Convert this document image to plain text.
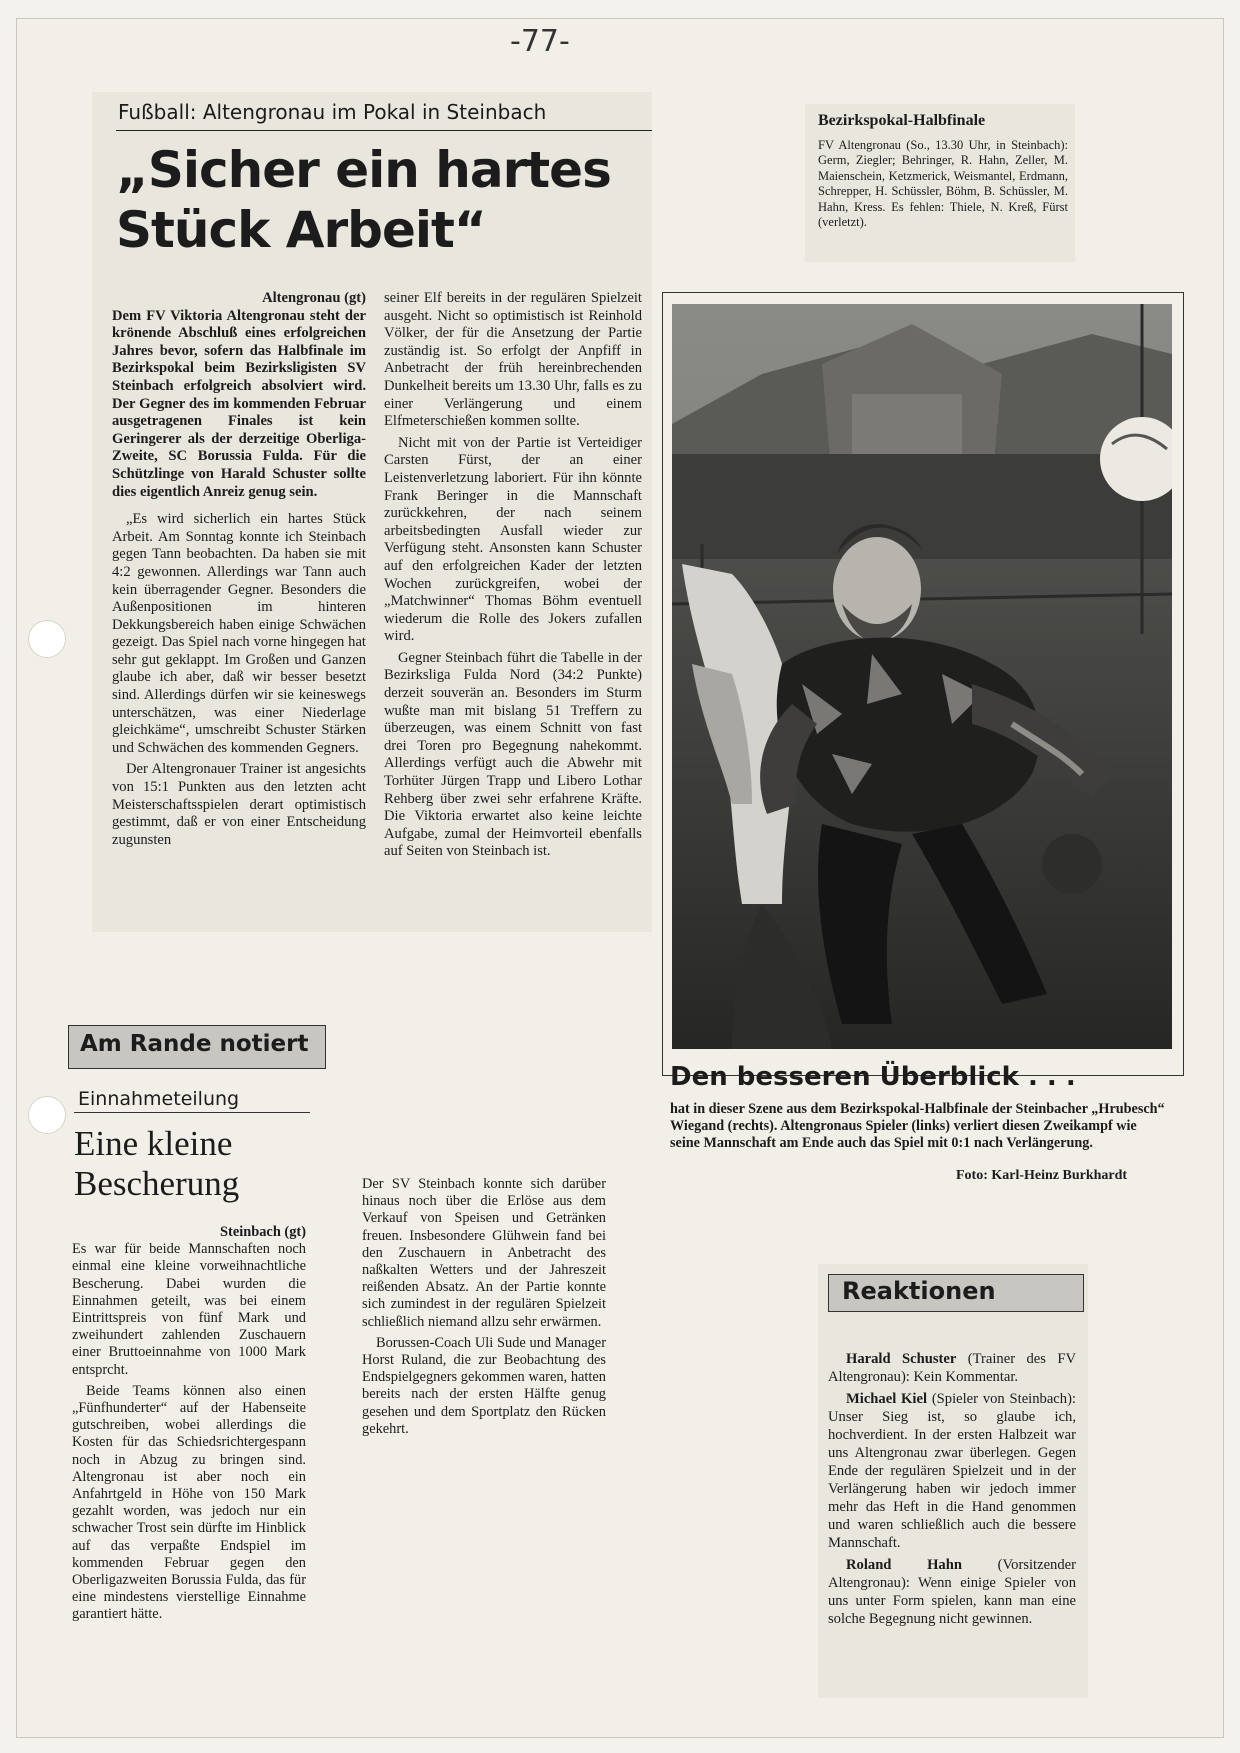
-77-
Fußball: Altengronau im Pokal in Steinbach
„Sicher ein hartes
Stück Arbeit“
Altengronau (gt)

Dem FV Viktoria Altengronau steht der krönende Abschluß eines erfolgreichen Jahres bevor, sofern das Halbfinale im Bezirkspokal beim Bezirksligisten SV Steinbach erfolgreich absolviert wird. Der Gegner des im kommenden Februar ausgetragenen Finales ist kein Geringerer als der derzeitige Oberliga-Zweite, SC Borussia Fulda. Für die Schützlinge von Harald Schuster sollte dies eigentlich Anreiz genug sein.

„Es wird sicherlich ein hartes Stück Arbeit. Am Sonntag konnte ich Steinbach gegen Tann beobachten. Da haben sie mit 4:2 gewonnen. Allerdings war Tann auch kein überragender Gegner. Besonders die Außenpositionen im hinteren Dekkungsbereich haben einige Schwächen gezeigt. Das Spiel nach vorne hingegen hat sehr gut geklappt. Im Großen und Ganzen glaube ich aber, daß wir besser besetzt sind. Allerdings dürfen wir sie keineswegs unterschätzen, was einer Niederlage gleichkäme“, umschreibt Schuster Stärken und Schwächen des kommenden Gegners.

Der Altengronauer Trainer ist angesichts von 15:1 Punkten aus den letzten acht Meisterschaftsspielen derart optimistisch gestimmt, daß er von einer Entscheidung zugunsten

seiner Elf bereits in der regulären Spielzeit ausgeht. Nicht so optimistisch ist Reinhold Völker, der für die Ansetzung der Partie zuständig ist. So erfolgt der Anpfiff in Anbetracht der früh hereinbrechenden Dunkelheit bereits um 13.30 Uhr, falls es zu einer Verlängerung und einem Elfmeterschießen kommen sollte.

Nicht mit von der Partie ist Verteidiger Carsten Fürst, der an einer Leistenverletzung laboriert. Für ihn könnte Frank Beringer in die Mannschaft zurückkehren, der nach seinem arbeitsbedingten Ausfall wieder zur Verfügung steht. Ansonsten kann Schuster auf den erfolgreichen Kader der letzten Wochen zurückgreifen, wobei der „Matchwinner“ Thomas Böhm eventuell wiederum die Rolle des Jokers zufallen wird.

Gegner Steinbach führt die Tabelle in der Bezirksliga Fulda Nord (34:2 Punkte) derzeit souverän an. Besonders im Sturm wußte man mit bislang 51 Treffern zu überzeugen, was einem Schnitt von fast drei Toren pro Begegnung nahekommt. Allerdings verfügt auch die Abwehr mit Torhüter Jürgen Trapp und Libero Lothar Rehberg über zwei sehr erfahrene Kräfte. Die Viktoria erwartet also keine leichte Aufgabe, zumal der Heimvorteil ebenfalls auf Seiten von Steinbach ist.

Bezirkspokal-Halbfinale
FV Altengronau (So., 13.30 Uhr, in Steinbach): Germ, Ziegler; Behringer, R. Hahn, Zeller, M. Maienschein, Ketzmerick, Weismantel, Erdmann, Schrepper, H. Schüssler, Böhm, B. Schüssler, M. Hahn, Kress. Es fehlen: Thiele, N. Kreß, Fürst (verletzt).
Den besseren Überblick . . .
hat in dieser Szene aus dem Bezirkspokal-Halbfinale der Steinbacher „Hrubesch“ Wiegand (rechts). Altengronaus Spieler (links) verliert diesen Zweikampf wie seine Mannschaft am Ende auch das Spiel mit 0:1 nach Verlängerung.
Foto: Karl-Heinz Burkhardt
Am Rande notiert
Einnahmeteilung
Eine kleine
Bescherung
Steinbach (gt)

Es war für beide Mannschaften noch einmal eine kleine vorweihnachtliche Bescherung. Dabei wurden die Einnahmen geteilt, was bei einem Eintrittspreis von fünf Mark und zweihundert zahlenden Zuschauern einer Bruttoeinnahme von 1000 Mark entsprcht.

Beide Teams können also einen „Fünfhunderter“ auf der Habenseite gutschreiben, wobei allerdings die Kosten für das Schiedsrichtergespann noch in Abzug zu bringen sind. Altengronau ist aber noch ein Anfahrtgeld in Höhe von 150 Mark gezahlt worden, was jedoch nur ein schwacher Trost sein dürfte im Hinblick auf das verpaßte Endspiel im kommenden Februar gegen den Oberligazweiten Borussia Fulda, das für eine mindestens vierstellige Einnahme garantiert hätte.

Der SV Steinbach konnte sich darüber hinaus noch über die Erlöse aus dem Verkauf von Speisen und Getränken freuen. Insbesondere Glühwein fand bei den Zuschauern in Anbetracht des naßkalten Wetters und der Jahreszeit reißenden Absatz. An der Partie konnte sich zumindest in der regulären Spielzeit schließlich niemand allzu sehr erwärmen.

Borussen-Coach Uli Sude und Manager Horst Ruland, die zur Beobachtung des Endspielgegners gekommen waren, hatten bereits nach der ersten Hälfte genug gesehen und dem Sportplatz den Rücken gekehrt.

Reaktionen

Harald Schuster (Trainer des FV Altengronau): Kein Kommentar.

Michael Kiel (Spieler von Steinbach): Unser Sieg ist, so glaube ich, hochverdient. In der ersten Halbzeit war uns Altengronau zwar überlegen. Gegen Ende der regulären Spielzeit und in der Verlängerung haben wir jedoch immer mehr das Heft in die Hand genommen und waren schließlich auch die bessere Mannschaft.

Roland Hahn (Vorsitzender Altengronau): Wenn einige Spieler von uns unter Form spielen, kann man eine solche Begegnung nicht gewinnen.
